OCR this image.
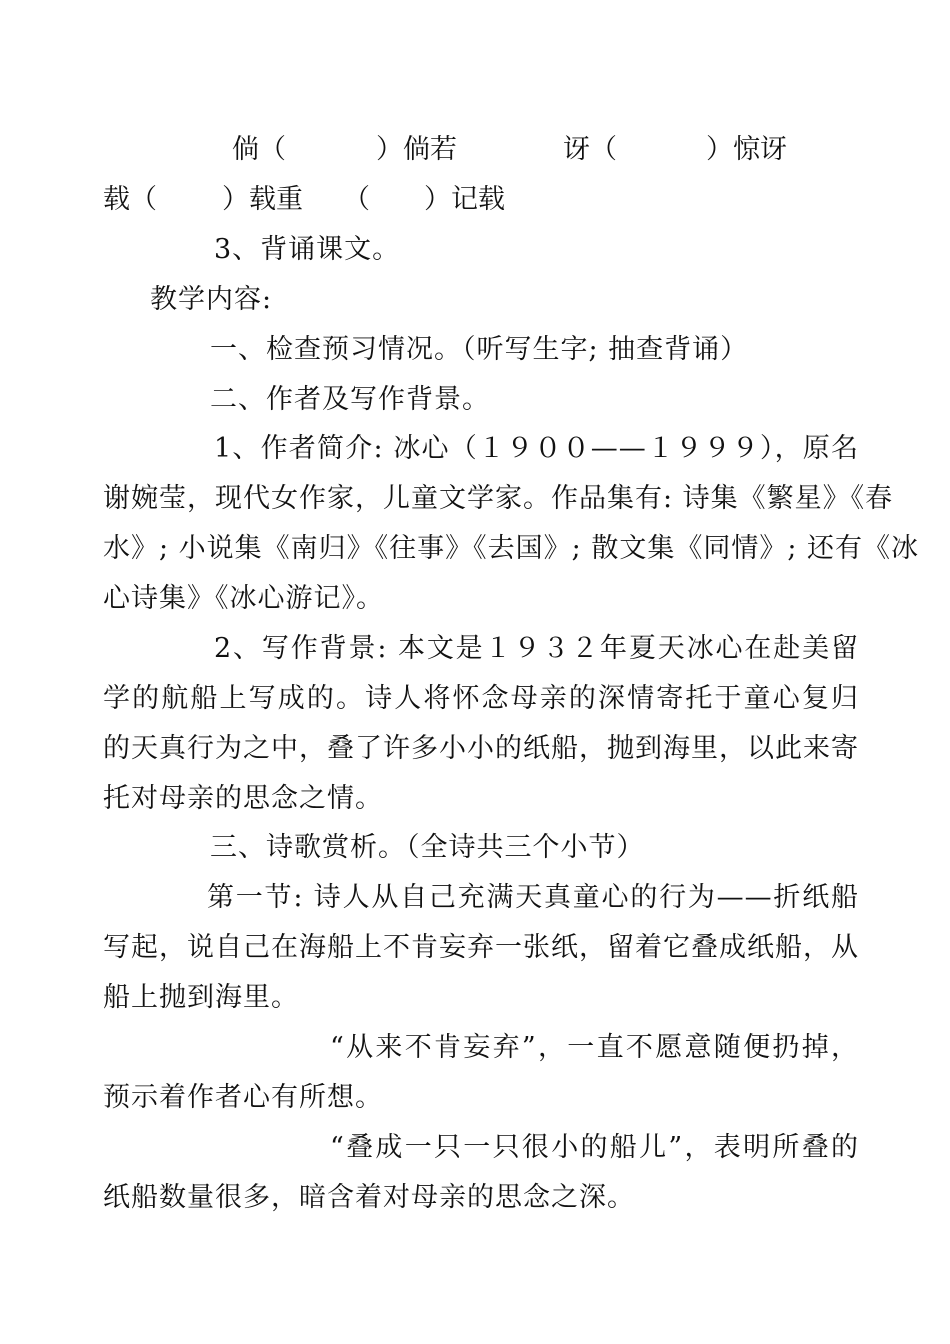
倘（	）倘若	讶（	）惊讶
载（ ）载重 （ ）记载
3、背诵课文。
教学内容:
一、检查预习情况。（听写生字; 抽查背诵）
二、作者及写作背景。
1、作者简介: 冰心（１９００——１９９９），原名
谢婉莹，现代女作家，儿童文学家。作品集有: 诗集《繁星》《春
水》; 小说集《南归》《往事》《去国》; 散文集《同情》; 还有《冰
心诗集》《冰心游记》。
2、写作背景: 本文是１９３２年夏天冰心在赴美留
学的航船上写成的。诗人将怀念母亲的深情寄托于童心复归
的天真行为之中，叠了许多小小的纸船，抛到海里，以此来寄
托对母亲的思念之情。
三、诗歌赏析。（全诗共三个小节）
第一节: 诗人从自己充满天真童心的行为——折纸船
写起，说自己在海船上不肯妄弃一张纸，留着它叠成纸船，从
船上抛到海里。
“从来不肯妄弃”，一直不愿意随便扔掉，
预示着作者心有所想。
“叠成一只一只很小的船儿”，表明所叠的
纸船数量很多，暗含着对母亲的思念之深。
